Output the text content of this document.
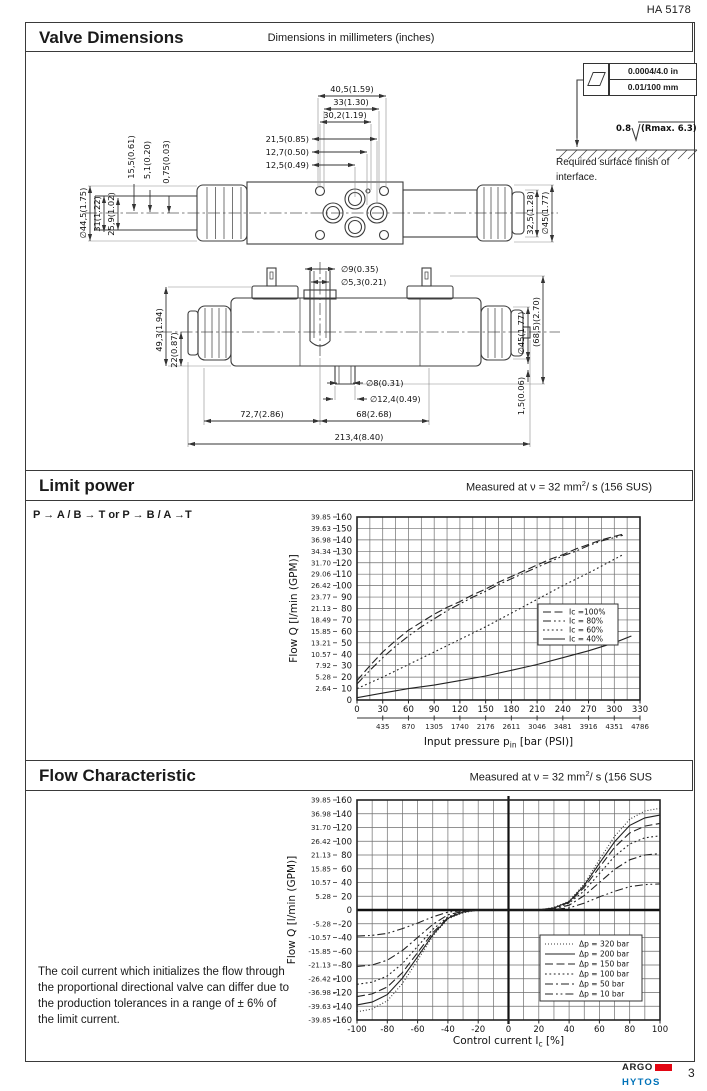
HA 5178
Valve Dimensions	Dimensions in millimeters (inches)
Limit power	Measured at ν = 32 $mm^2/$ s (156 SUS)
Flow Characteristic	Measured at ν = 32 $mm^2/$ s (156 SUS
0.0004/4.0 in
0.01/100 mm
Required surface finish of interface.
P → A / B → T or P → B / A →T
The coil current which initializes the flow through the proportional directional valve can differ due to the production tolerances in a range of ± 6% of the limit current.
ARGO
HYTOS
3
40,5(1.59)
33(1.30)
30,2(1.19)
21,5(0.85)
12,7(0.50)
12,5(0.49)
15,5(0.61) 5,1(0.20) 0,75(0.03)
∅44,5(1.75) 31(1.22) 25,9(1.02)	32,5(1.28) ∅45(1.77)
49,3(1.94) 22(0.87)
∅9(0.35)
∅5,3(0.21)
∅45(1.77) (68,5)(2.70)
1,5(0.06)
∅8(0.31)
∅12,4(0.49)
72,7(2.86)	68(2.68)
213,4(8.40)
0.8 (Rmax. 6.3)
0 30 60 90 120 150 180 210 240 270 300 330
435 870 1305 1740 2176 2611 3046 3481 3916 4351 4786
0
10
2.64
20
5.28
30
7.92
40
10.57
50
13.21
60
15.85
70
18.49
80
21.13
90
23.77
100
26.42
110
29.06
120
31.70
130
34.34
140
36.98
150
39.63
160
39.85
Ic =100%
Ic = 80%
Ic = 60%
Ic = 40%
Input pressure $p_{in}$ [bar (PSI)]
Flow Q [l/min (GPM)]
-100 -80 -60 -40 -20 0	20 40 60 80 100
-160
-39.85
-140
-39.63
-120
-36.98
-100
-26.42
-80
-21.13
-60
-15.85
-40
-10.57
-20
-5.28
0
20
5.28
40
10.57
60
15.85
80
21.13
100
26.42
120
31.70
140
36.98
160
39.85
Δp = 320 bar
Δp = 200 bar
Δp = 150 bar
Δp = 100 bar
Δp = 50 bar
Δp = 10 bar
Control current $I_c$ [%]
Flow Q [l/min (GPM)]
